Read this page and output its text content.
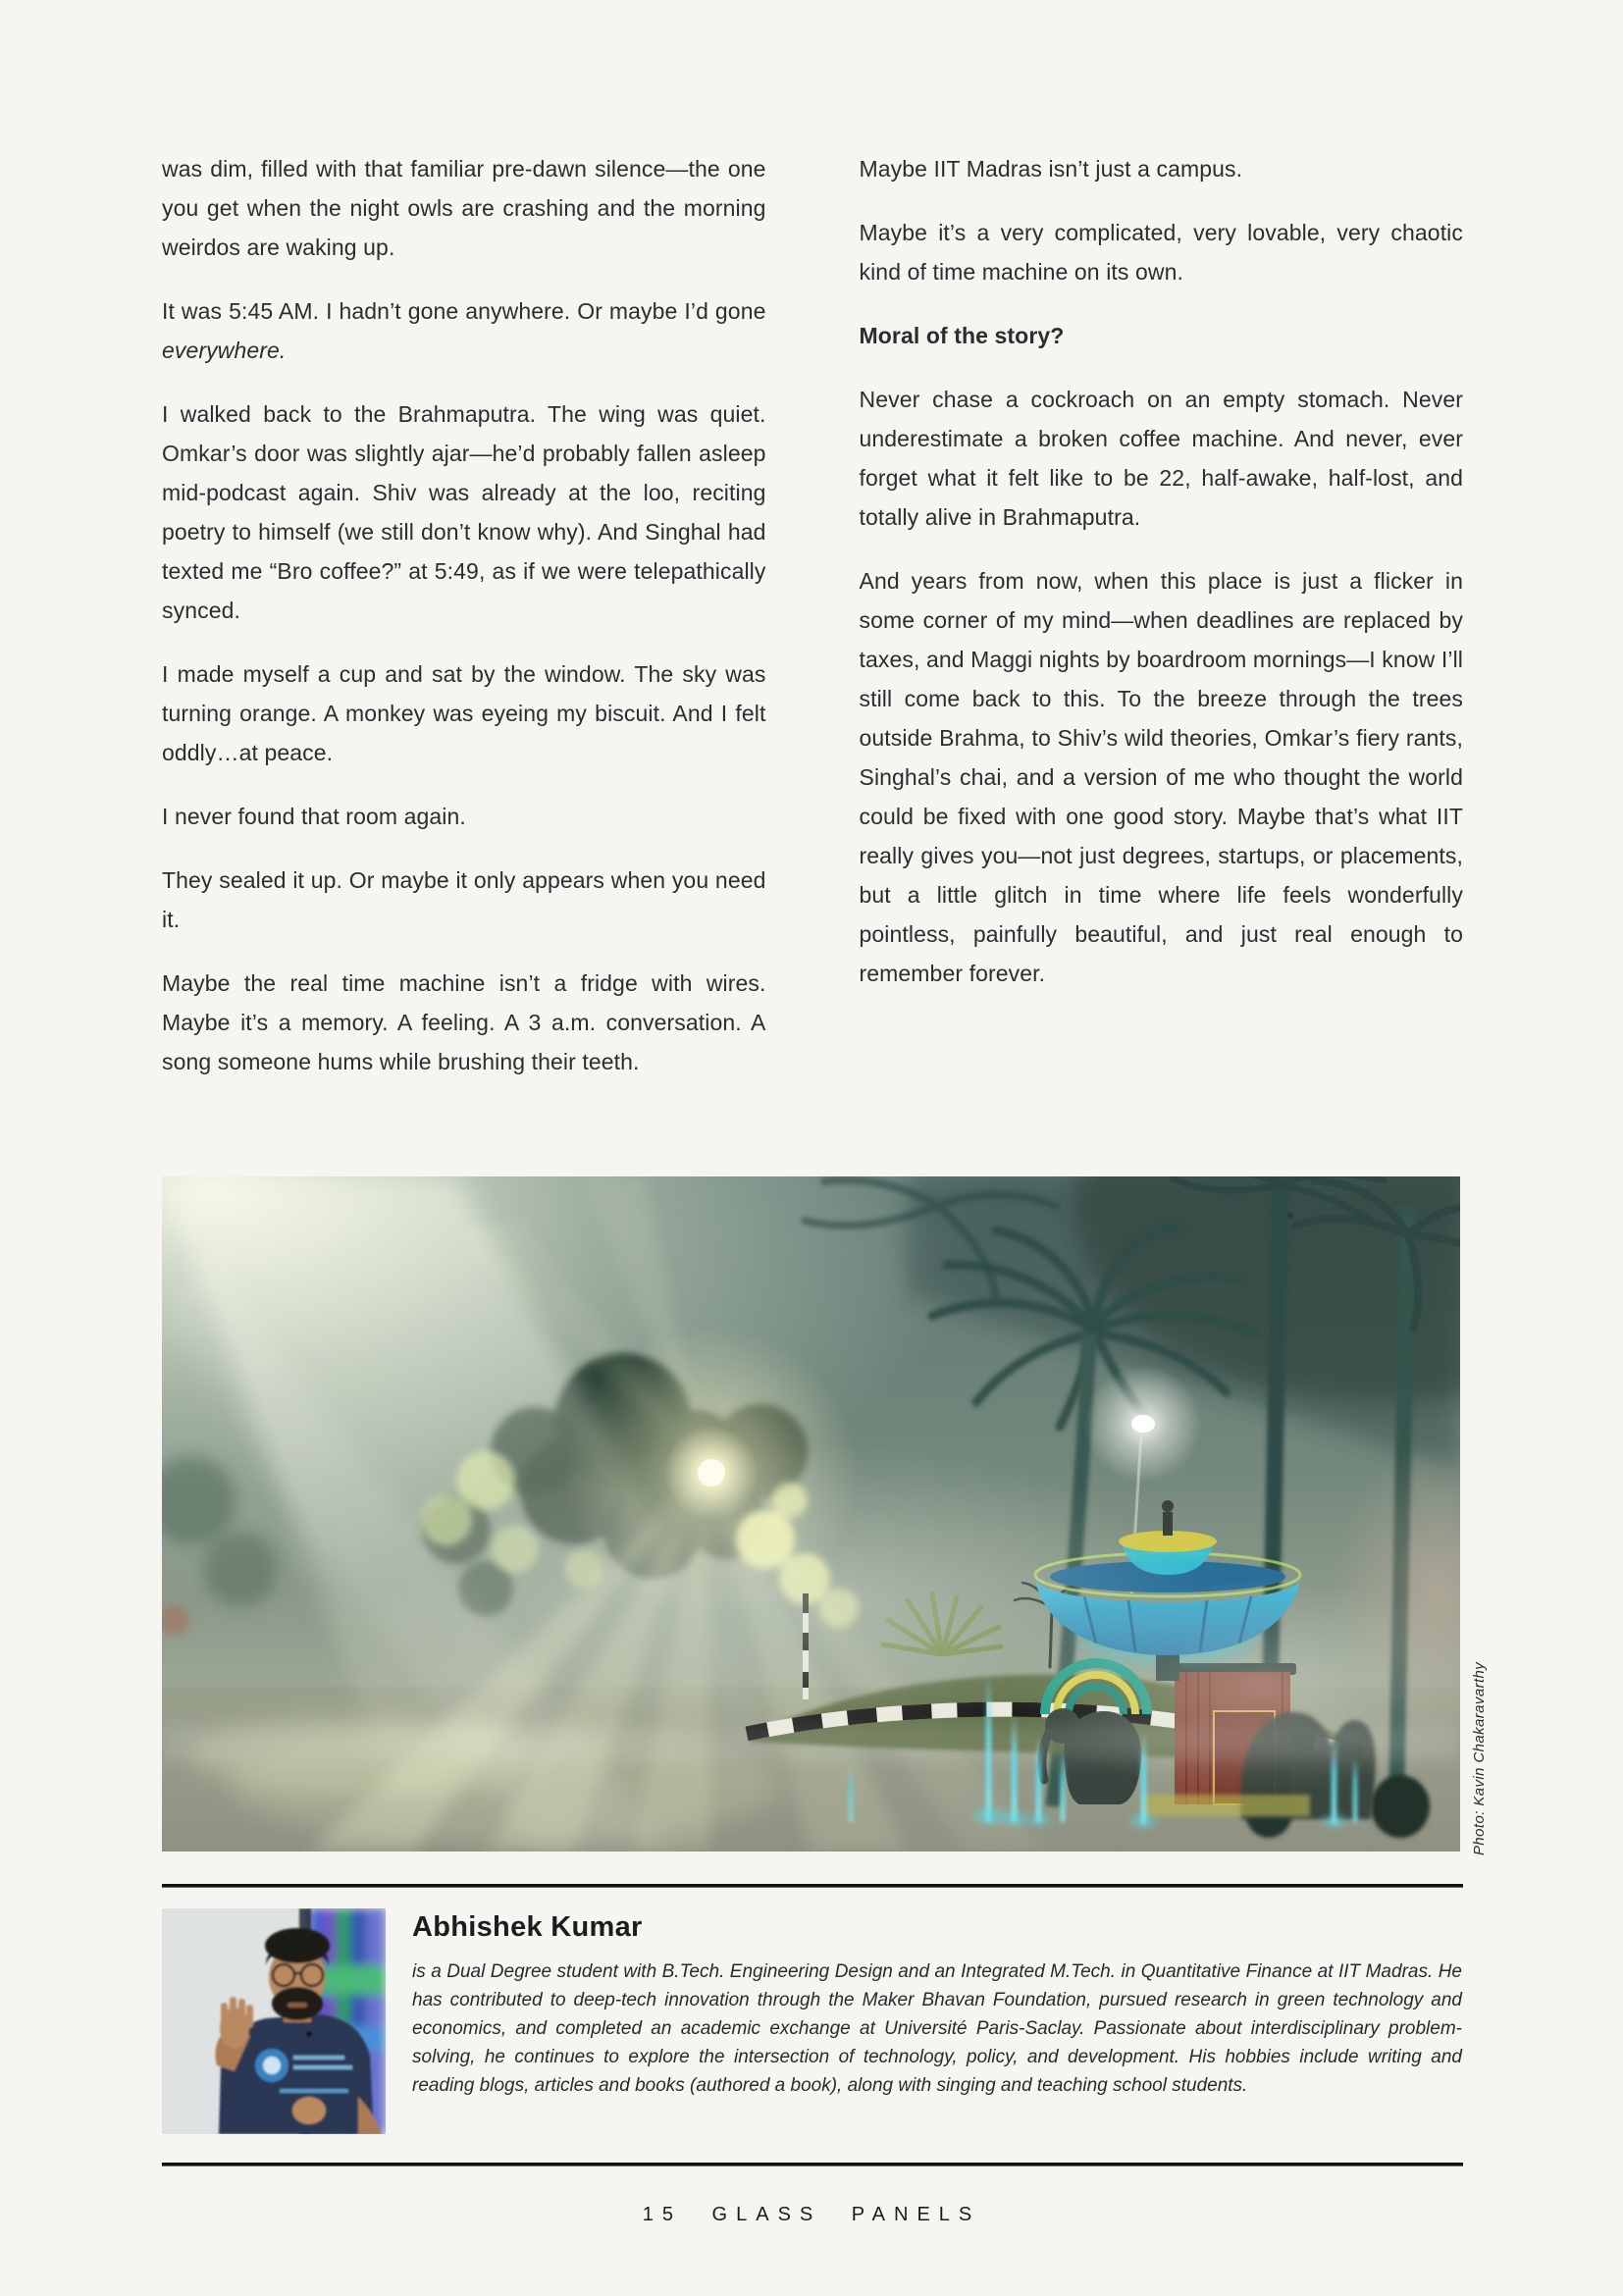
was dim, filled with that familiar pre-dawn silence—the one you get when the night owls are crashing and the morning weirdos are waking up.

It was 5:45 AM. I hadn’t gone anywhere. Or maybe I’d gone everywhere.

I walked back to the Brahmaputra. The wing was quiet. Omkar’s door was slightly ajar—he’d probably fallen asleep mid-podcast again. Shiv was already at the loo, reciting poetry to himself (we still don’t know why). And Singhal had texted me “Bro coffee?” at 5:49, as if we were telepathically synced.

I made myself a cup and sat by the window. The sky was turning orange. A monkey was eyeing my biscuit. And I felt oddly…at peace.

I never found that room again.

They sealed it up. Or maybe it only appears when you need it.

Maybe the real time machine isn’t a fridge with wires. Maybe it’s a memory. A feeling. A 3 a.m. conversation. A song someone hums while brushing their teeth.

Maybe IIT Madras isn’t just a campus.

Maybe it’s a very complicated, very lovable, very chaotic kind of time machine on its own.

Moral of the story?

Never chase a cockroach on an empty stomach. Never underestimate a broken coffee machine. And never, ever forget what it felt like to be 22, half-awake, half-lost, and totally alive in Brahmaputra.

And years from now, when this place is just a flicker in some corner of my mind—when deadlines are replaced by taxes, and Maggi nights by boardroom mornings—I know I’ll still come back to this. To the breeze through the trees outside Brahma, to Shiv’s wild theories, Omkar’s fiery rants, Singhal’s chai, and a version of me who thought the world could be fixed with one good story. Maybe that’s what IIT really gives you—not just degrees, startups, or placements, but a little glitch in time where life feels wonderfully pointless, painfully beautiful, and just real enough to remember forever.

Photo: Kavin Chakaravarthy
Abhishek Kumar

is a Dual Degree student with B.Tech. Engineering Design and an Integrated M.Tech. in Quantitative Finance at IIT Madras. He has contributed to deep-tech innovation through the Maker Bhavan Foundation, pursued research in green technology and economics, and completed an academic exchange at Université Paris-Saclay. Passionate about interdisciplinary problem-solving, he continues to explore the intersection of technology, policy, and development. His hobbies include writing and reading blogs, articles and books (authored a book), along with singing and teaching school students.

15 GLASS PANELS
